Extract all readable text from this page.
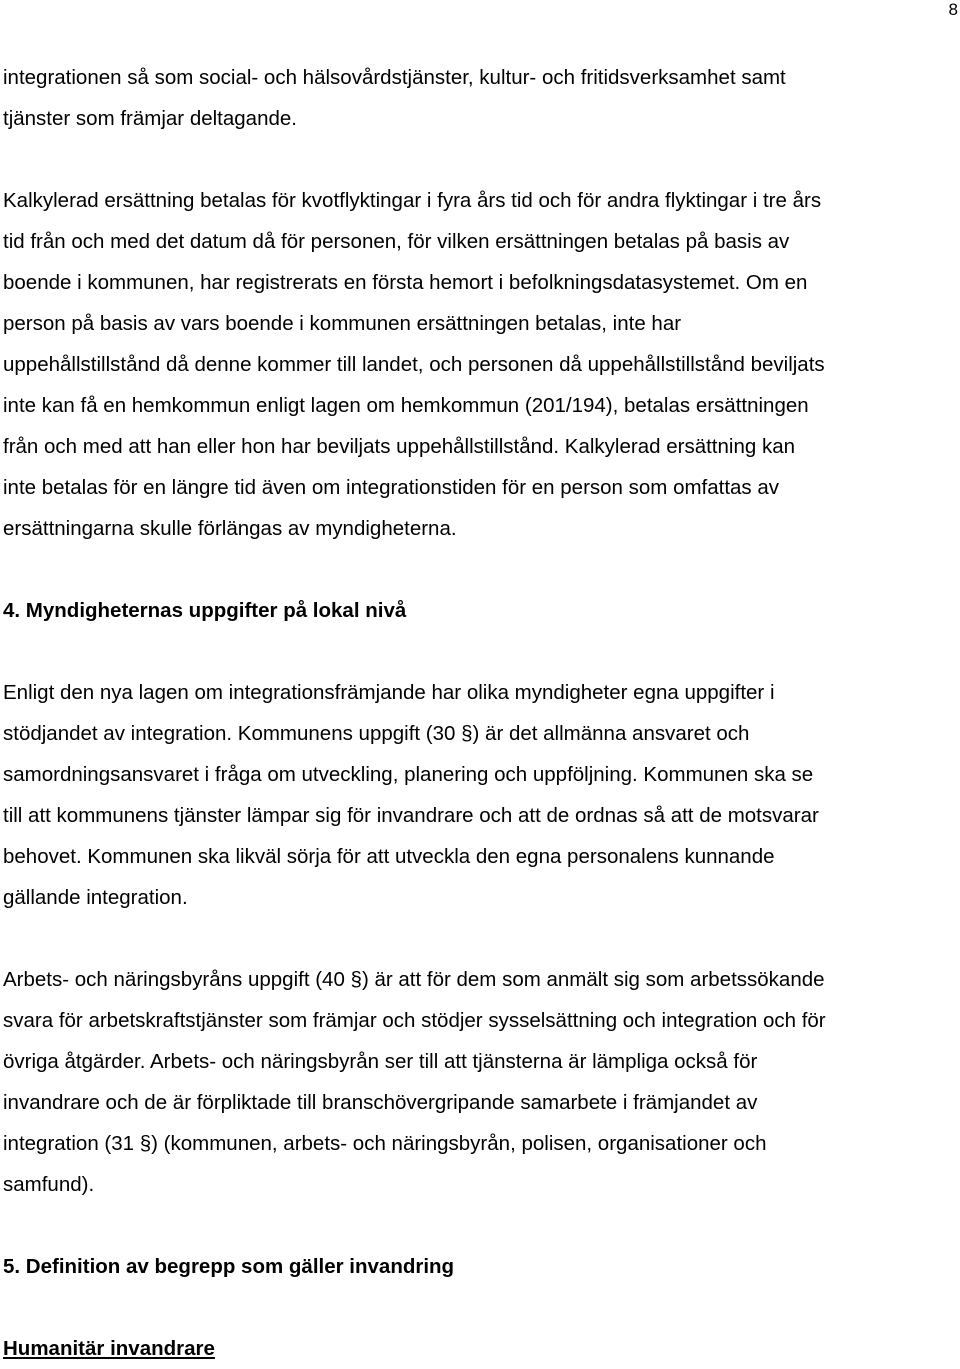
8

integrationen så som social- och hälsovårdstjänster, kultur- och fritidsverksamhet samt
tjänster som främjar deltagande.

Kalkylerad ersättning betalas för kvotflyktingar i fyra års tid och för andra flyktingar i tre års
tid från och med det datum då för personen, för vilken ersättningen betalas på basis av
boende i kommunen, har registrerats en första hemort i befolkningsdatasystemet. Om en
person på basis av vars boende i kommunen ersättningen betalas, inte har
uppehållstillstånd då denne kommer till landet, och personen då uppehållstillstånd beviljats
inte kan få en hemkommun enligt lagen om hemkommun (201/194), betalas ersättningen
från och med att han eller hon har beviljats uppehållstillstånd. Kalkylerad ersättning kan
inte betalas för en längre tid även om integrationstiden för en person som omfattas av
ersättningarna skulle förlängas av myndigheterna.

4. Myndigheternas uppgifter på lokal nivå

Enligt den nya lagen om integrationsfrämjande har olika myndigheter egna uppgifter i
stödjandet av integration. Kommunens uppgift (30 §) är det allmänna ansvaret och
samordningsansvaret i fråga om utveckling, planering och uppföljning. Kommunen ska se
till att kommunens tjänster lämpar sig för invandrare och att de ordnas så att de motsvarar
behovet. Kommunen ska likväl sörja för att utveckla den egna personalens kunnande
gällande integration.

Arbets- och näringsbyråns uppgift (40 §) är att för dem som anmält sig som arbetssökande
svara för arbetskraftstjänster som främjar och stödjer sysselsättning och integration och för
övriga åtgärder. Arbets- och näringsbyrån ser till att tjänsterna är lämpliga också för
invandrare och de är förpliktade till branschövergripande samarbete i främjandet av
integration (31 §) (kommunen, arbets- och näringsbyrån, polisen, organisationer och
samfund).

5. Definition av begrepp som gäller invandring
Humanitär invandrare
